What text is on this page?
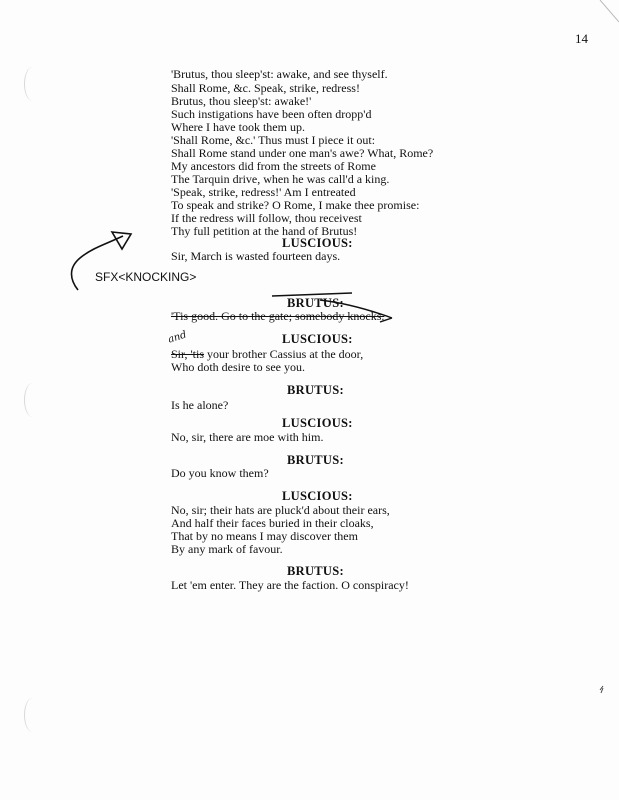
14
'Brutus, thou sleep'st: awake, and see thyself.
Shall Rome, &c. Speak, strike, redress!
Brutus, thou sleep'st: awake!'
Such instigations have been often dropp'd
Where I have took them up.
'Shall Rome, &c.' Thus must I piece it out:
Shall Rome stand under one man's awe? What, Rome?
My ancestors did from the streets of Rome
The Tarquin drive, when he was call'd a king.
'Speak, strike, redress!' Am I entreated
To speak and strike? O Rome, I make thee promise:
If the redress will follow, thou receivest
Thy full petition at the hand of Brutus!
LUSCIOUS:
Sir, March is wasted fourteen days.
SFX<KNOCKING>
BRUTUS:
'Tis good. Go to the gate; somebody knocks.
LUSCIOUS:
Sir, 'tis your brother Cassius at the door,
Who doth desire to see you.
BRUTUS:
Is he alone?
LUSCIOUS:
No, sir, there are moe with him.
BRUTUS:
Do you know them?
LUSCIOUS:
No, sir; their hats are pluck'd about their ears,
And half their faces buried in their cloaks,
That by no means I may discover them
By any mark of favour.
BRUTUS:
Let 'em enter. They are the faction. O conspiracy!
and
